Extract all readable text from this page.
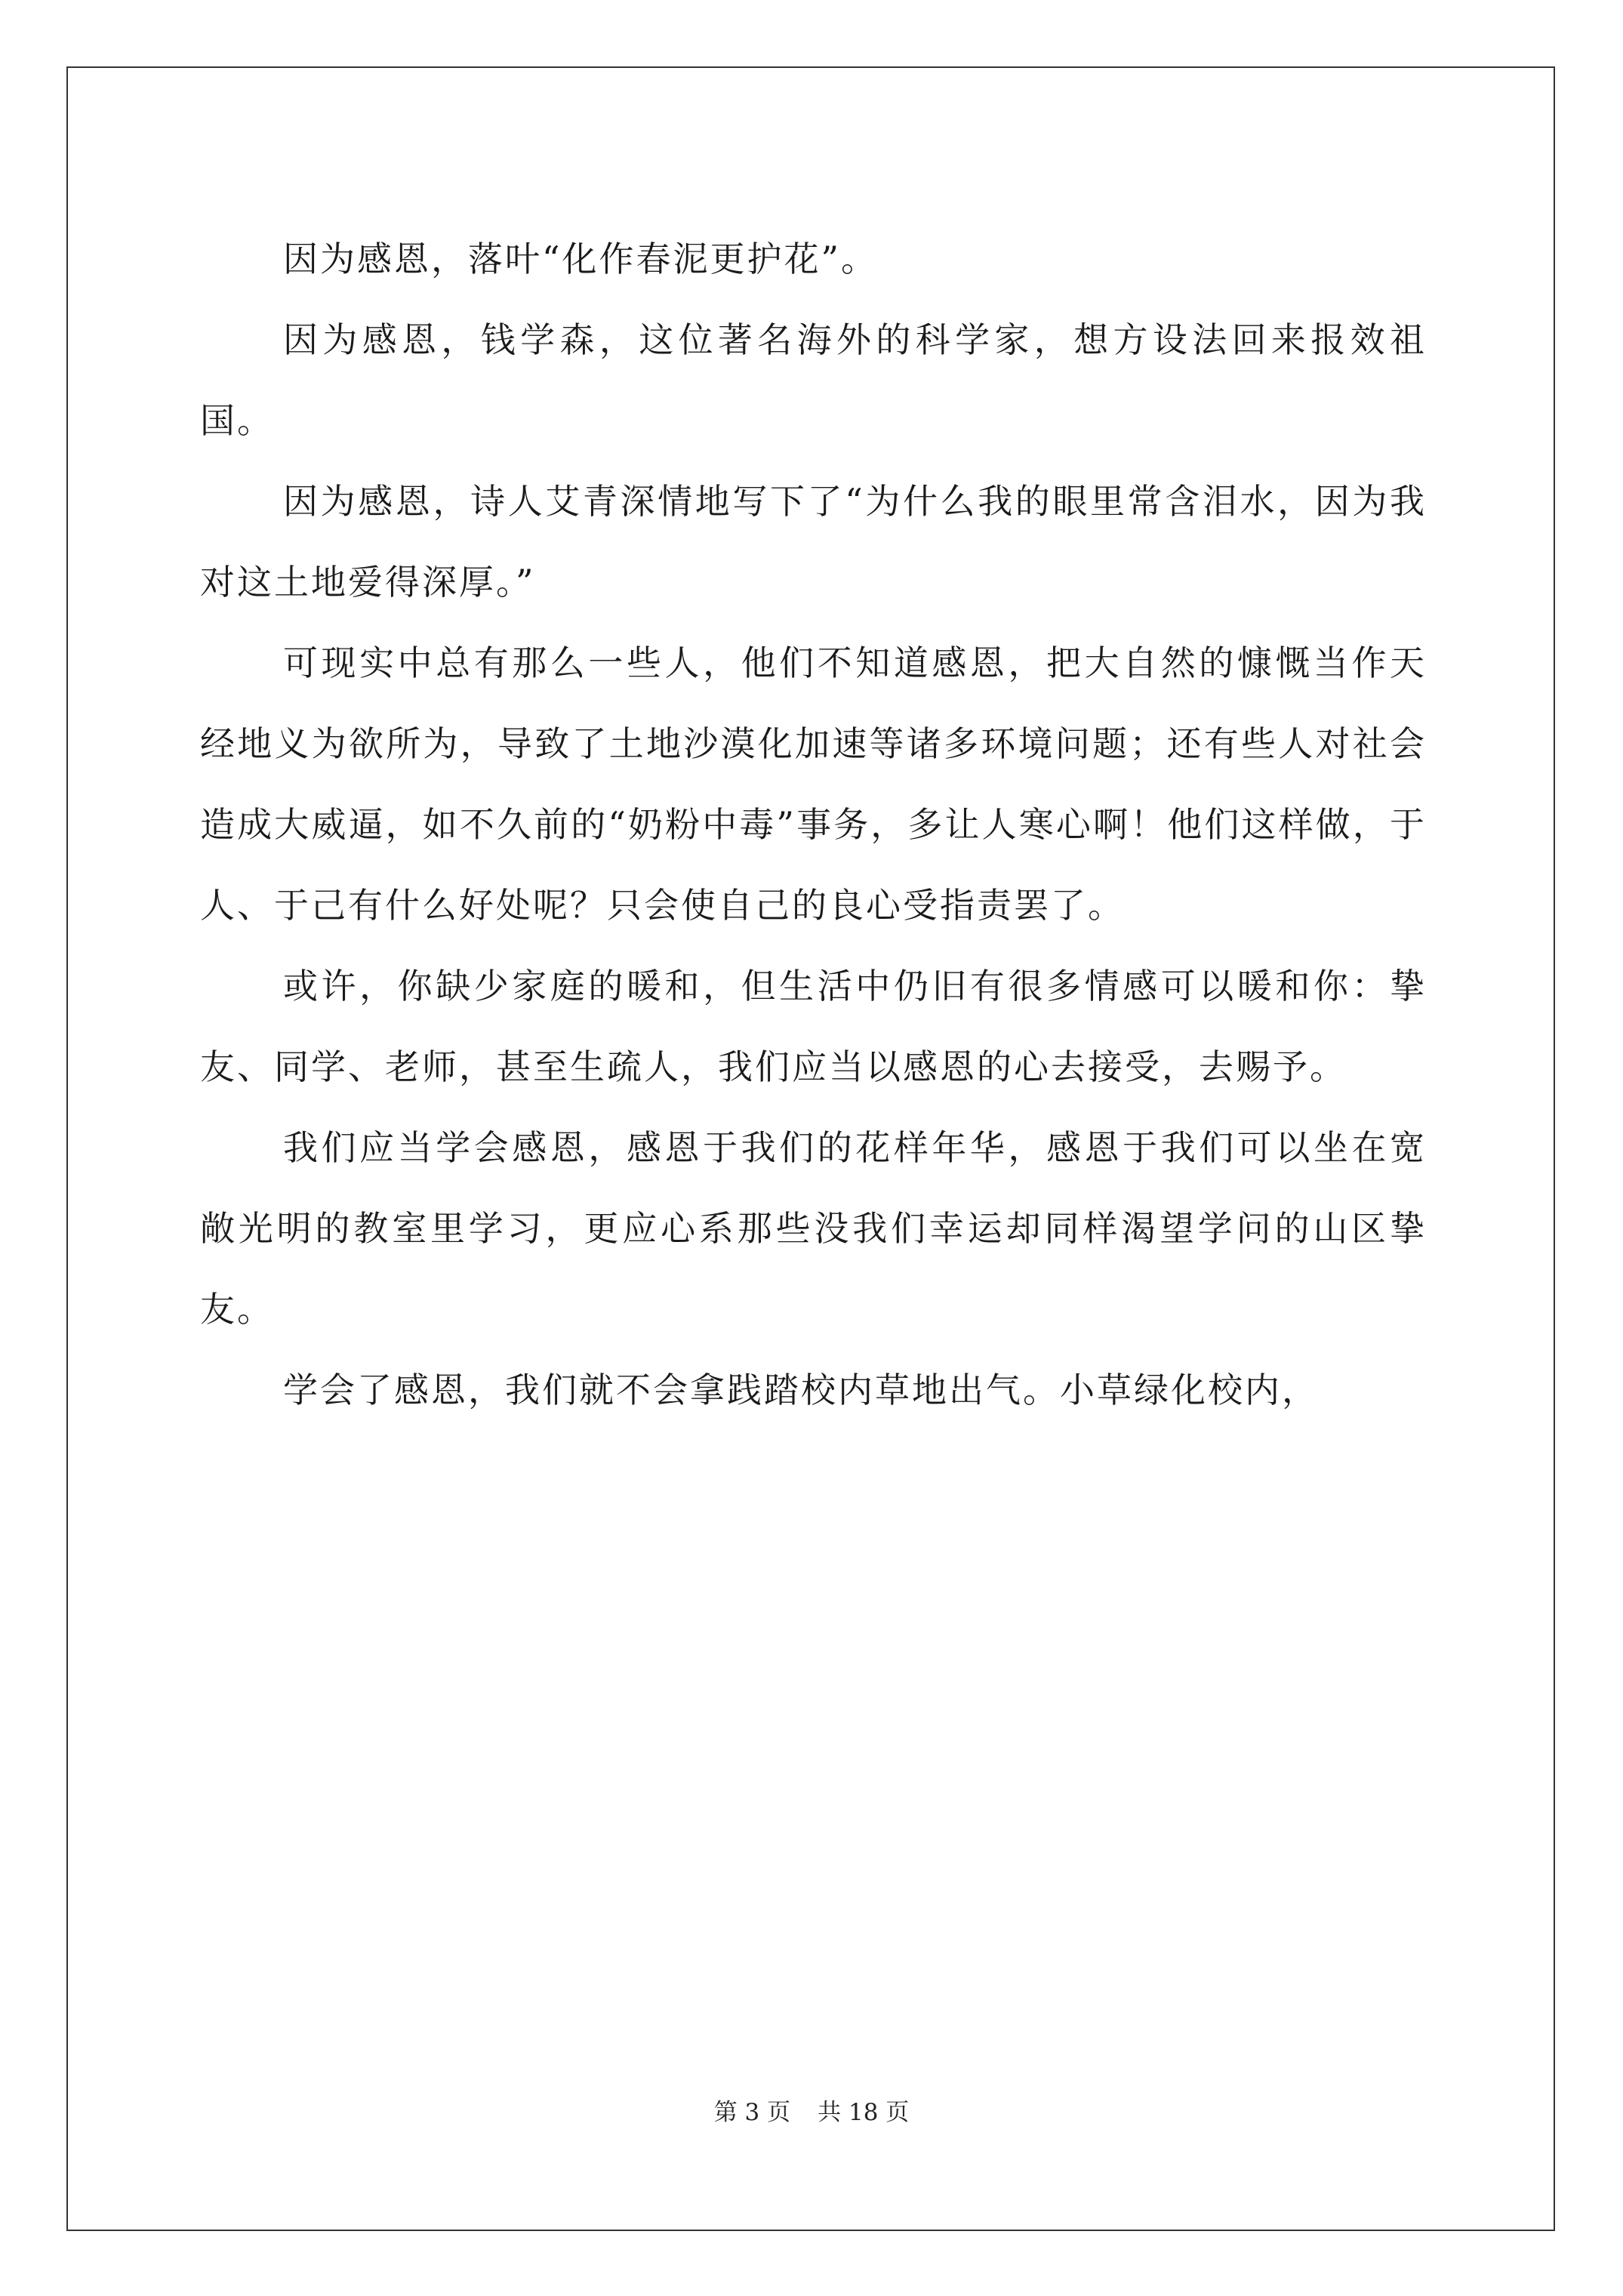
因为感恩，落叶“化作春泥更护花”。

因为感恩，钱学森，这位著名海外的科学家，想方设法回来报效祖国。

因为感恩，诗人艾青深情地写下了“为什么我的眼里常含泪水，因为我对这土地爱得深厚。”

可现实中总有那么一些人，他们不知道感恩，把大自然的慷慨当作天经地义为欲所为，导致了土地沙漠化加速等诸多环境问题；还有些人对社会造成大威逼，如不久前的“奶粉中毒”事务，多让人寒心啊！他们这样做，于人、于己有什么好处呢？只会使自己的良心受指责罢了。

或许，你缺少家庭的暖和，但生活中仍旧有很多情感可以暖和你：挚友、同学、老师，甚至生疏人，我们应当以感恩的心去接受，去赐予。

我们应当学会感恩，感恩于我们的花样年华，感恩于我们可以坐在宽敞光明的教室里学习，更应心系那些没我们幸运却同样渴望学问的山区挚友。

学会了感恩，我们就不会拿践踏校内草地出气。小草绿化校内，

第 3 页 共 18 页
